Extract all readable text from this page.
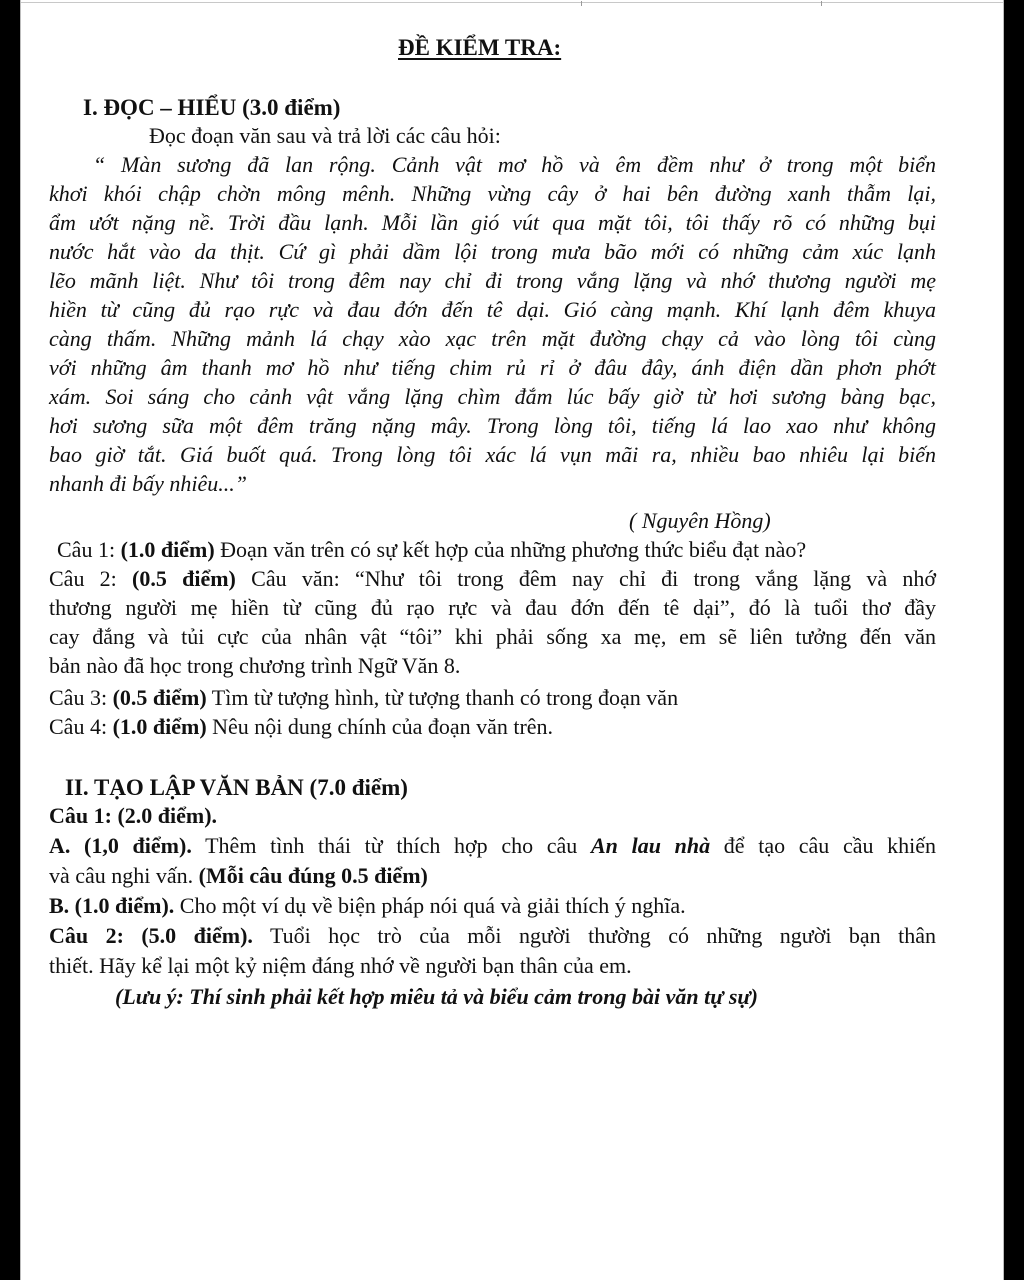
ĐỀ KIỂM TRA:
I. ĐỌC – HIỂU (3.0 điểm)
Đọc đoạn văn sau và trả lời các câu hỏi:
“ Màn sương đã lan rộng. Cảnh vật mơ hồ và êm đềm như ở trong một biển
khơi khói chập chờn mông mênh. Những vừng cây ở hai bên đường xanh thẫm lại,
ẩm ướt nặng nề. Trời đầu lạnh. Mỗi lần gió vút qua mặt tôi, tôi thấy rõ có những bụi
nước hắt vào da thịt. Cứ gì phải dầm lội trong mưa bão mới có những cảm xúc lạnh
lẽo mãnh liệt. Như tôi trong đêm nay chỉ đi trong vắng lặng và nhớ thương người mẹ
hiền từ cũng đủ rạo rực và đau đớn đến tê dại. Gió càng mạnh. Khí lạnh đêm khuya
càng thấm. Những mảnh lá chạy xào xạc trên mặt đường chạy cả vào lòng tôi cùng
với những âm thanh mơ hồ như tiếng chim rủ rỉ ở đâu đây, ánh điện dần phơn phớt
xám. Soi sáng cho cảnh vật vắng lặng chìm đắm lúc bấy giờ từ hơi sương bàng bạc,
hơi sương sữa một đêm trăng nặng mây. Trong lòng tôi, tiếng lá lao xao như không
bao giờ tắt. Giá buốt quá. Trong lòng tôi xác lá vụn mãi ra, nhiều bao nhiêu lại biến
nhanh đi bấy nhiêu...”
( Nguyên Hồng)
Câu 1: (1.0 điểm) Đoạn văn trên có sự kết hợp của những phương thức biểu đạt nào?
Câu 2: (0.5 điểm) Câu văn: “Như tôi trong đêm nay chỉ đi trong vắng lặng và nhớ
thương người mẹ hiền từ cũng đủ rạo rực và đau đớn đến tê dại”, đó là tuổi thơ đầy
cay đắng và tủi cực của nhân vật “tôi” khi phải sống xa mẹ, em sẽ liên tưởng đến văn
bản nào đã học trong chương trình Ngữ Văn 8.
Câu 3: (0.5 điểm) Tìm từ tượng hình, từ tượng thanh có trong đoạn văn
Câu 4: (1.0 điểm) Nêu nội dung chính của đoạn văn trên.
II. TẠO LẬP VĂN BẢN (7.0 điểm)
Câu 1: (2.0 điểm).
A. (1,0 điểm). Thêm tình thái từ thích hợp cho câu An lau nhà để tạo câu cầu khiến
và câu nghi vấn. (Mỗi câu đúng 0.5 điểm)
B. (1.0 điểm). Cho một ví dụ về biện pháp nói quá và giải thích ý nghĩa.
Câu 2: (5.0 điểm). Tuổi học trò của mỗi người thường có những người bạn thân
thiết. Hãy kể lại một kỷ niệm đáng nhớ về người bạn thân của em.
(Lưu ý: Thí sinh phải kết hợp miêu tả và biểu cảm trong bài văn tự sự)
